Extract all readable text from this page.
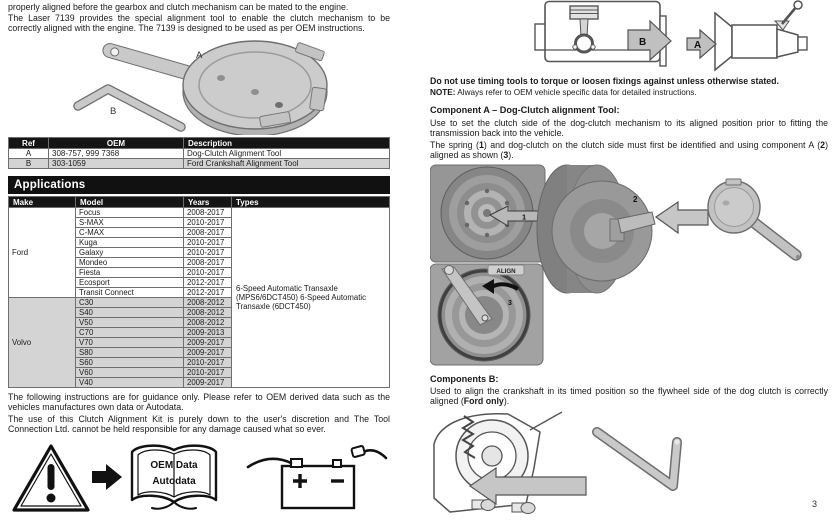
properly aligned before the gearbox and clutch mechanism can be mated to the engine.

The Laser 7139 provides the special alignment tool to enable the clutch mechanism to be correctly aligned with the engine. The 7139 is designed to be used as per OEM instructions.

A
B
Ref	OEM	Description
A	308-757, 999 7368	Dog-Clutch Alignment Tool
B	303-1059	Ford Crankshaft Alignment Tool
Applications
Make	Model	Years	Types
Ford	Focus	2008-2017	6-Speed Automatic Transaxle (MPS6/6DCT450) 6-Speed Automatic Transaxle (6DCT450)
	S-MAX	2010-2017	
	C-MAX	2008-2017	
	Kuga	2010-2017	
	Galaxy	2010-2017	
	Mondeo	2008-2017	
	Fiesta	2010-2017	
	Ecosport	2012-2017	
	Transit Connect	2012-2017	
Volvo	C30	2008-2012	
	S40	2008-2012	
	V50	2008-2012	
	C70	2009-2013	
	V70	2009-2017	
	S80	2009-2017	
	S60	2010-2017	
	V60	2010-2017	
	V40	2009-2017	

The following instructions are for guidance only. Please refer to OEM derived data such as the vehicles manufactures own data or Autodata.

The use of this Clutch Alignment Kit is purely down to the user's discretion and The Tool Connection Ltd. cannot be held responsible for any damage caused what so ever.

OEM Data
Autodata
B	A

Do not use timing tools to torque or loosen fixings against unless otherwise stated.

NOTE: Always refer to OEM vehicle specific data for detailed instructions.

Component A – Dog-Clutch alignment Tool:

Use to set the clutch side of the dog-clutch mechanism to its aligned position prior to fitting the transmission back into the vehicle.

The spring (1) and dog-clutch on the clutch side must first be identified and using component A (2) aligned as shown (3).

1
2
ALIGN
3

Components B:

Used to align the crankshaft in its timed position so the flywheel side of the dog clutch is correctly aligned (Ford only).

3
